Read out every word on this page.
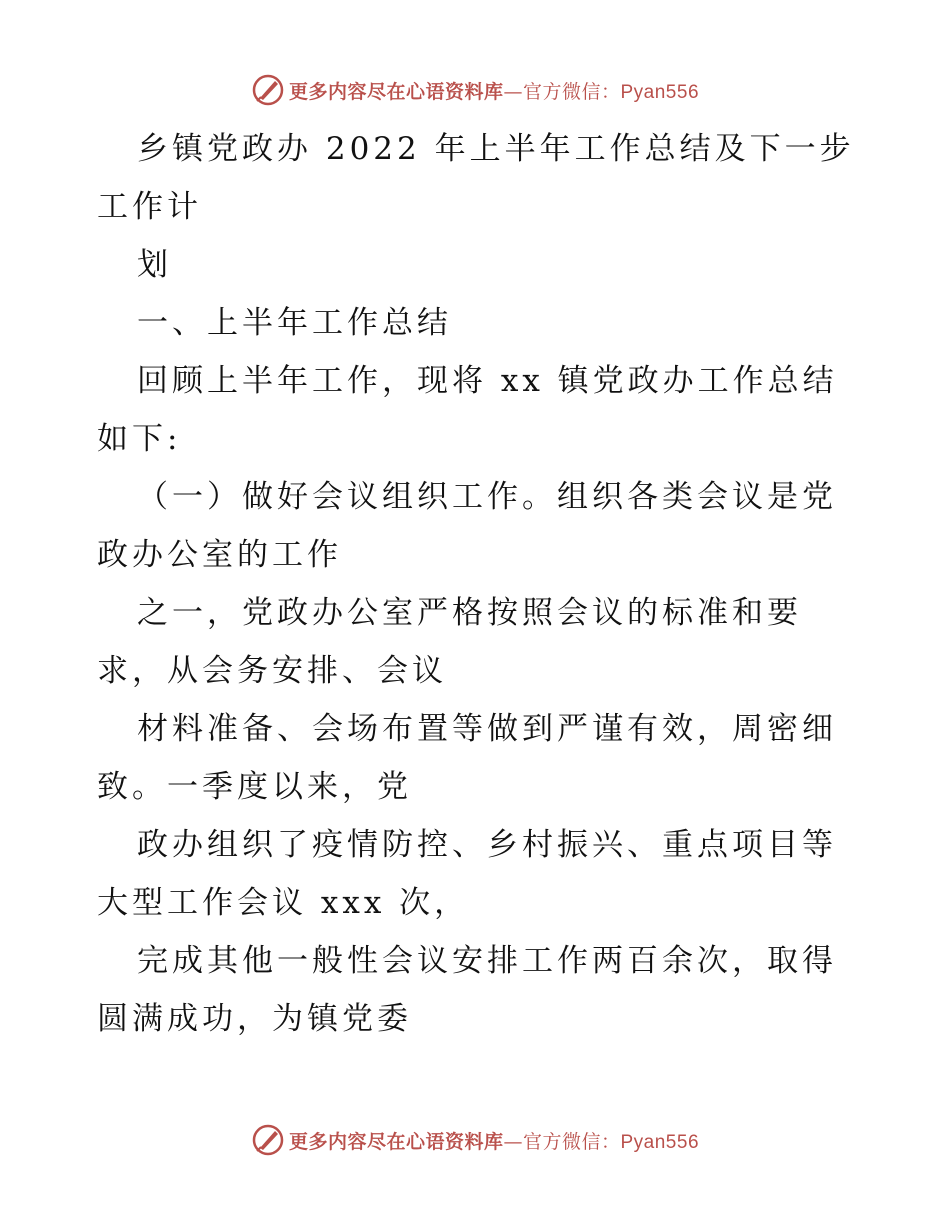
更多内容尽在心语资料库—官方微信：Pyan556

乡镇党政办 2022 年上半年工作总结及下一步工作计

划

一、上半年工作总结

回顾上半年工作，现将 xx 镇党政办工作总结如下:

（一）做好会议组织工作。组织各类会议是党政办公室的工作

之一，党政办公室严格按照会议的标准和要求，从会务安排、会议

材料准备、会场布置等做到严谨有效，周密细致。一季度以来，党

政办组织了疫情防控、乡村振兴、重点项目等大型工作会议 xxx 次，

完成其他一般性会议安排工作两百余次，取得圆满成功，为镇党委

更多内容尽在心语资料库—官方微信：Pyan556
